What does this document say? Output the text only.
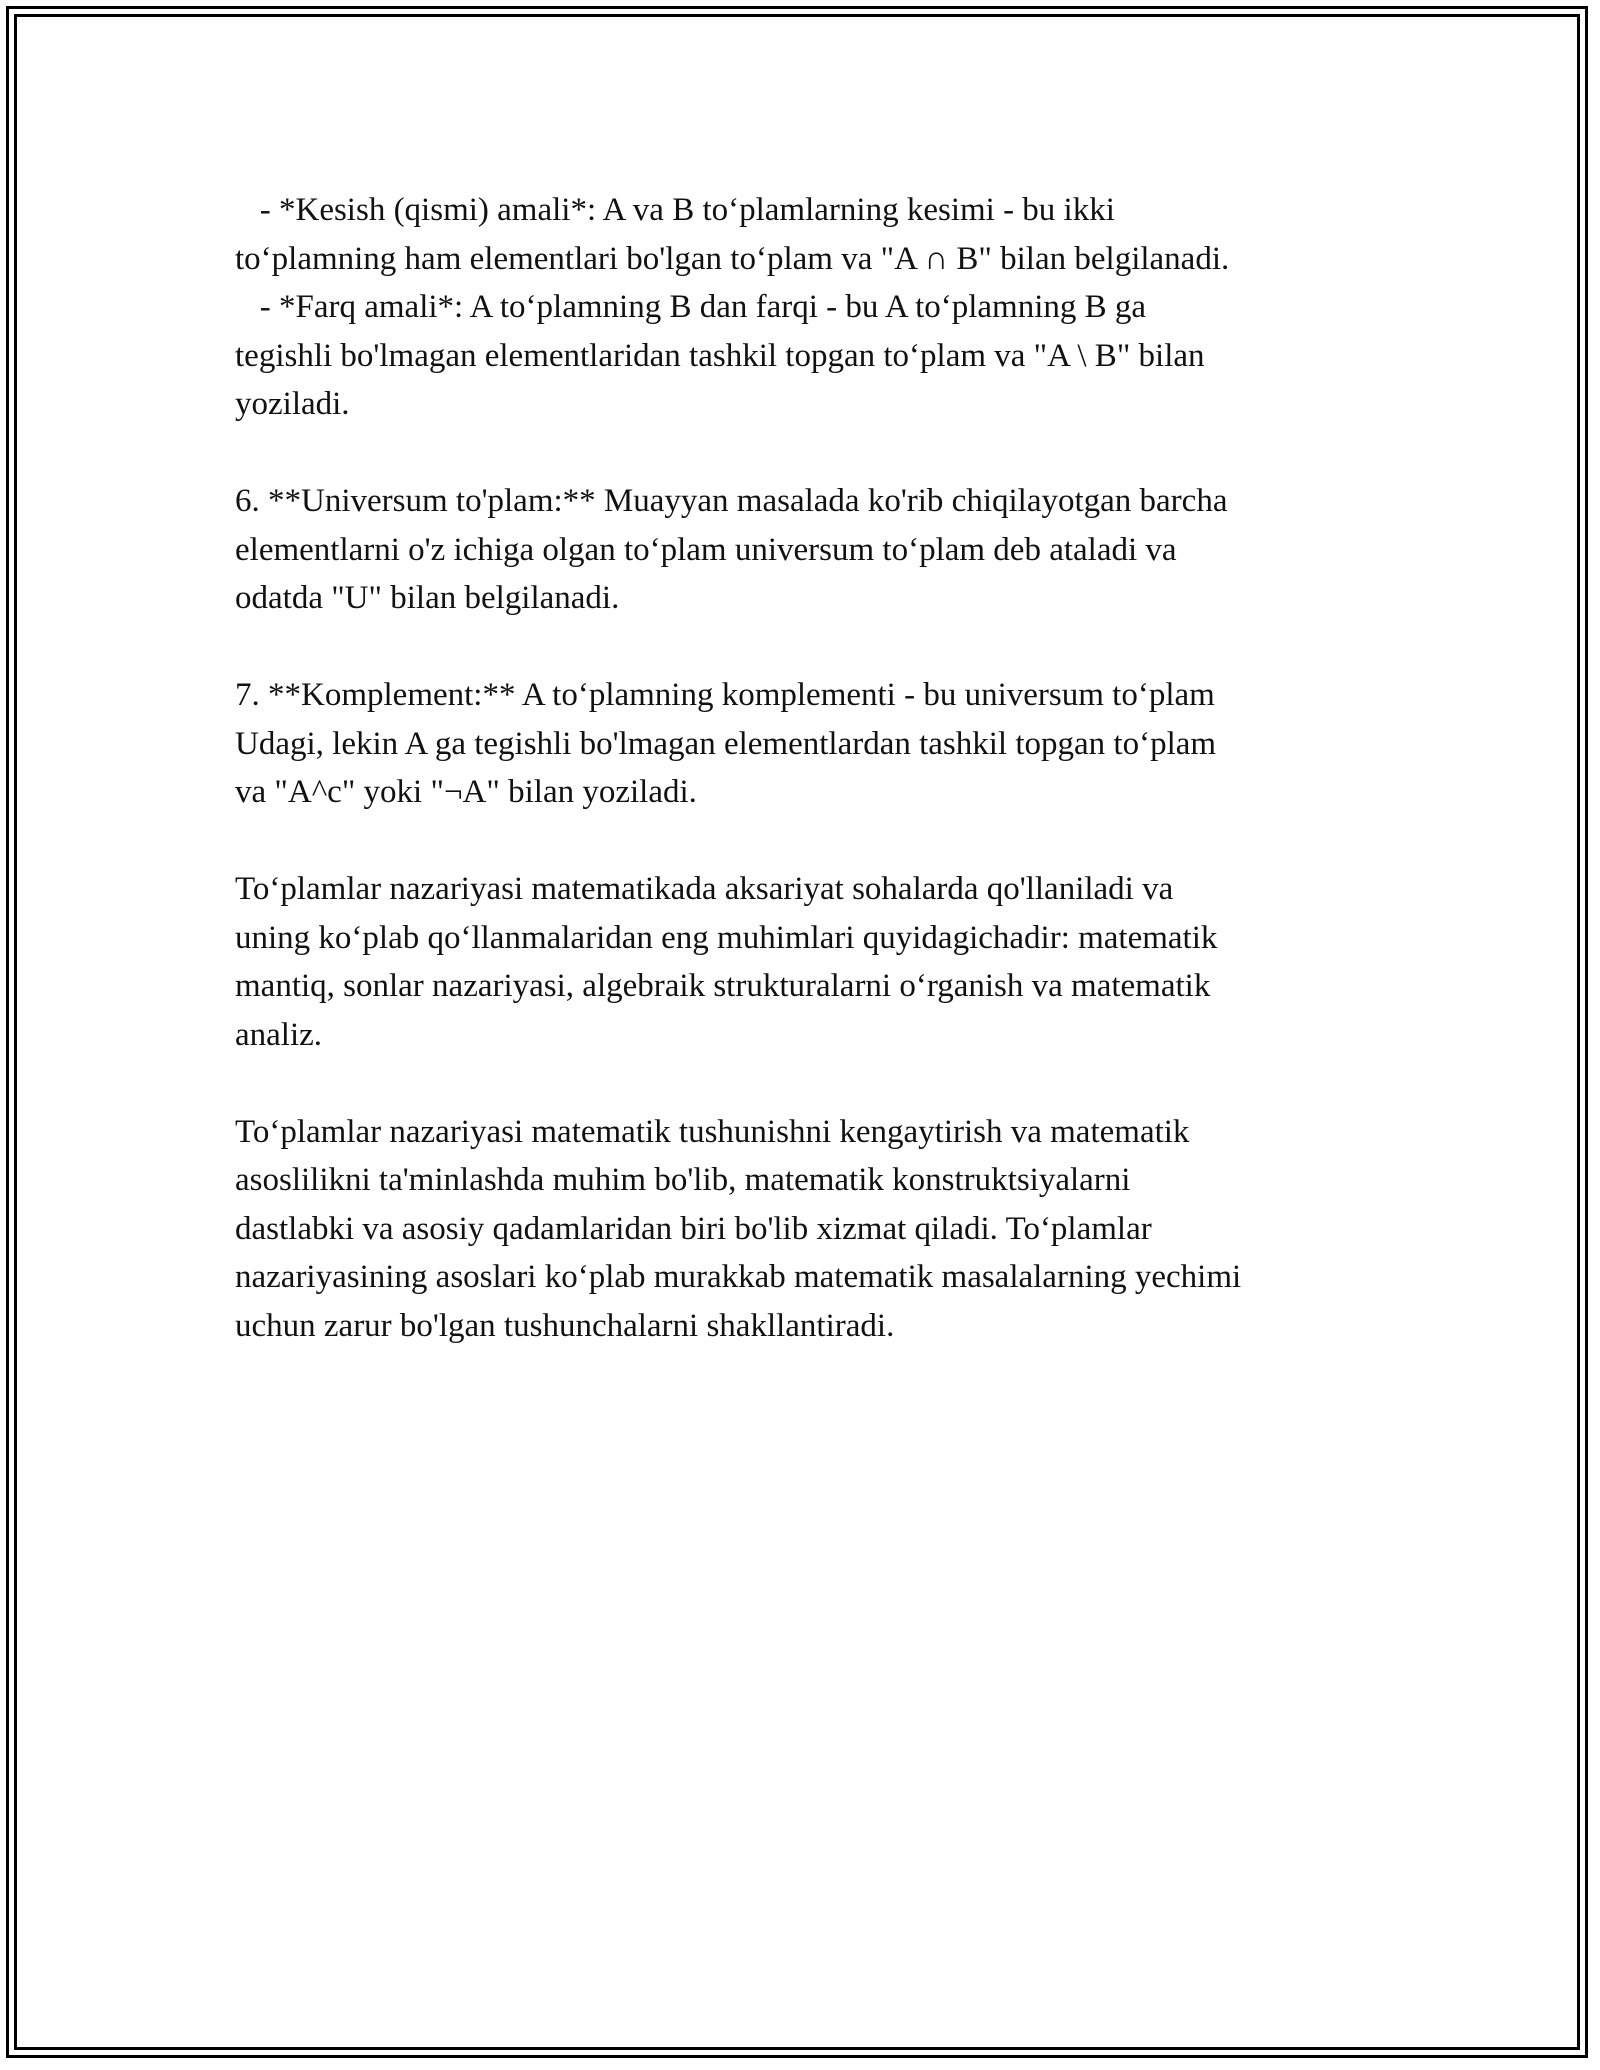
- *Kesish (qismi) amali*: A va B to‘plamlarning kesimi - bu ikki

to‘plamning ham elementlari bo'lgan to‘plam va "A ∩ B" bilan belgilanadi.

- *Farq amali*: A to‘plamning B dan farqi - bu A to‘plamning B ga

tegishli bo'lmagan elementlaridan tashkil topgan to‘plam va "A \ B" bilan

yoziladi.

6. **Universum to'plam:** Muayyan masalada ko'rib chiqilayotgan barcha

elementlarni o'z ichiga olgan to‘plam universum to‘plam deb ataladi va

odatda "U" bilan belgilanadi.

7. **Komplement:** A to‘plamning komplementi - bu universum to‘plam

Udagi, lekin A ga tegishli bo'lmagan elementlardan tashkil topgan to‘plam

va "A^c" yoki "¬A" bilan yoziladi.

To‘plamlar nazariyasi matematikada aksariyat sohalarda qo'llaniladi va

uning ko‘plab qo‘llanmalaridan eng muhimlari quyidagichadir: matematik

mantiq, sonlar nazariyasi, algebraik strukturalarni o‘rganish va matematik

analiz.

To‘plamlar nazariyasi matematik tushunishni kengaytirish va matematik

asoslilikni ta'minlashda muhim bo'lib, matematik konstruktsiyalarni

dastlabki va asosiy qadamlaridan biri bo'lib xizmat qiladi. To‘plamlar

nazariyasining asoslari ko‘plab murakkab matematik masalalarning yechimi

uchun zarur bo'lgan tushunchalarni shakllantiradi.
